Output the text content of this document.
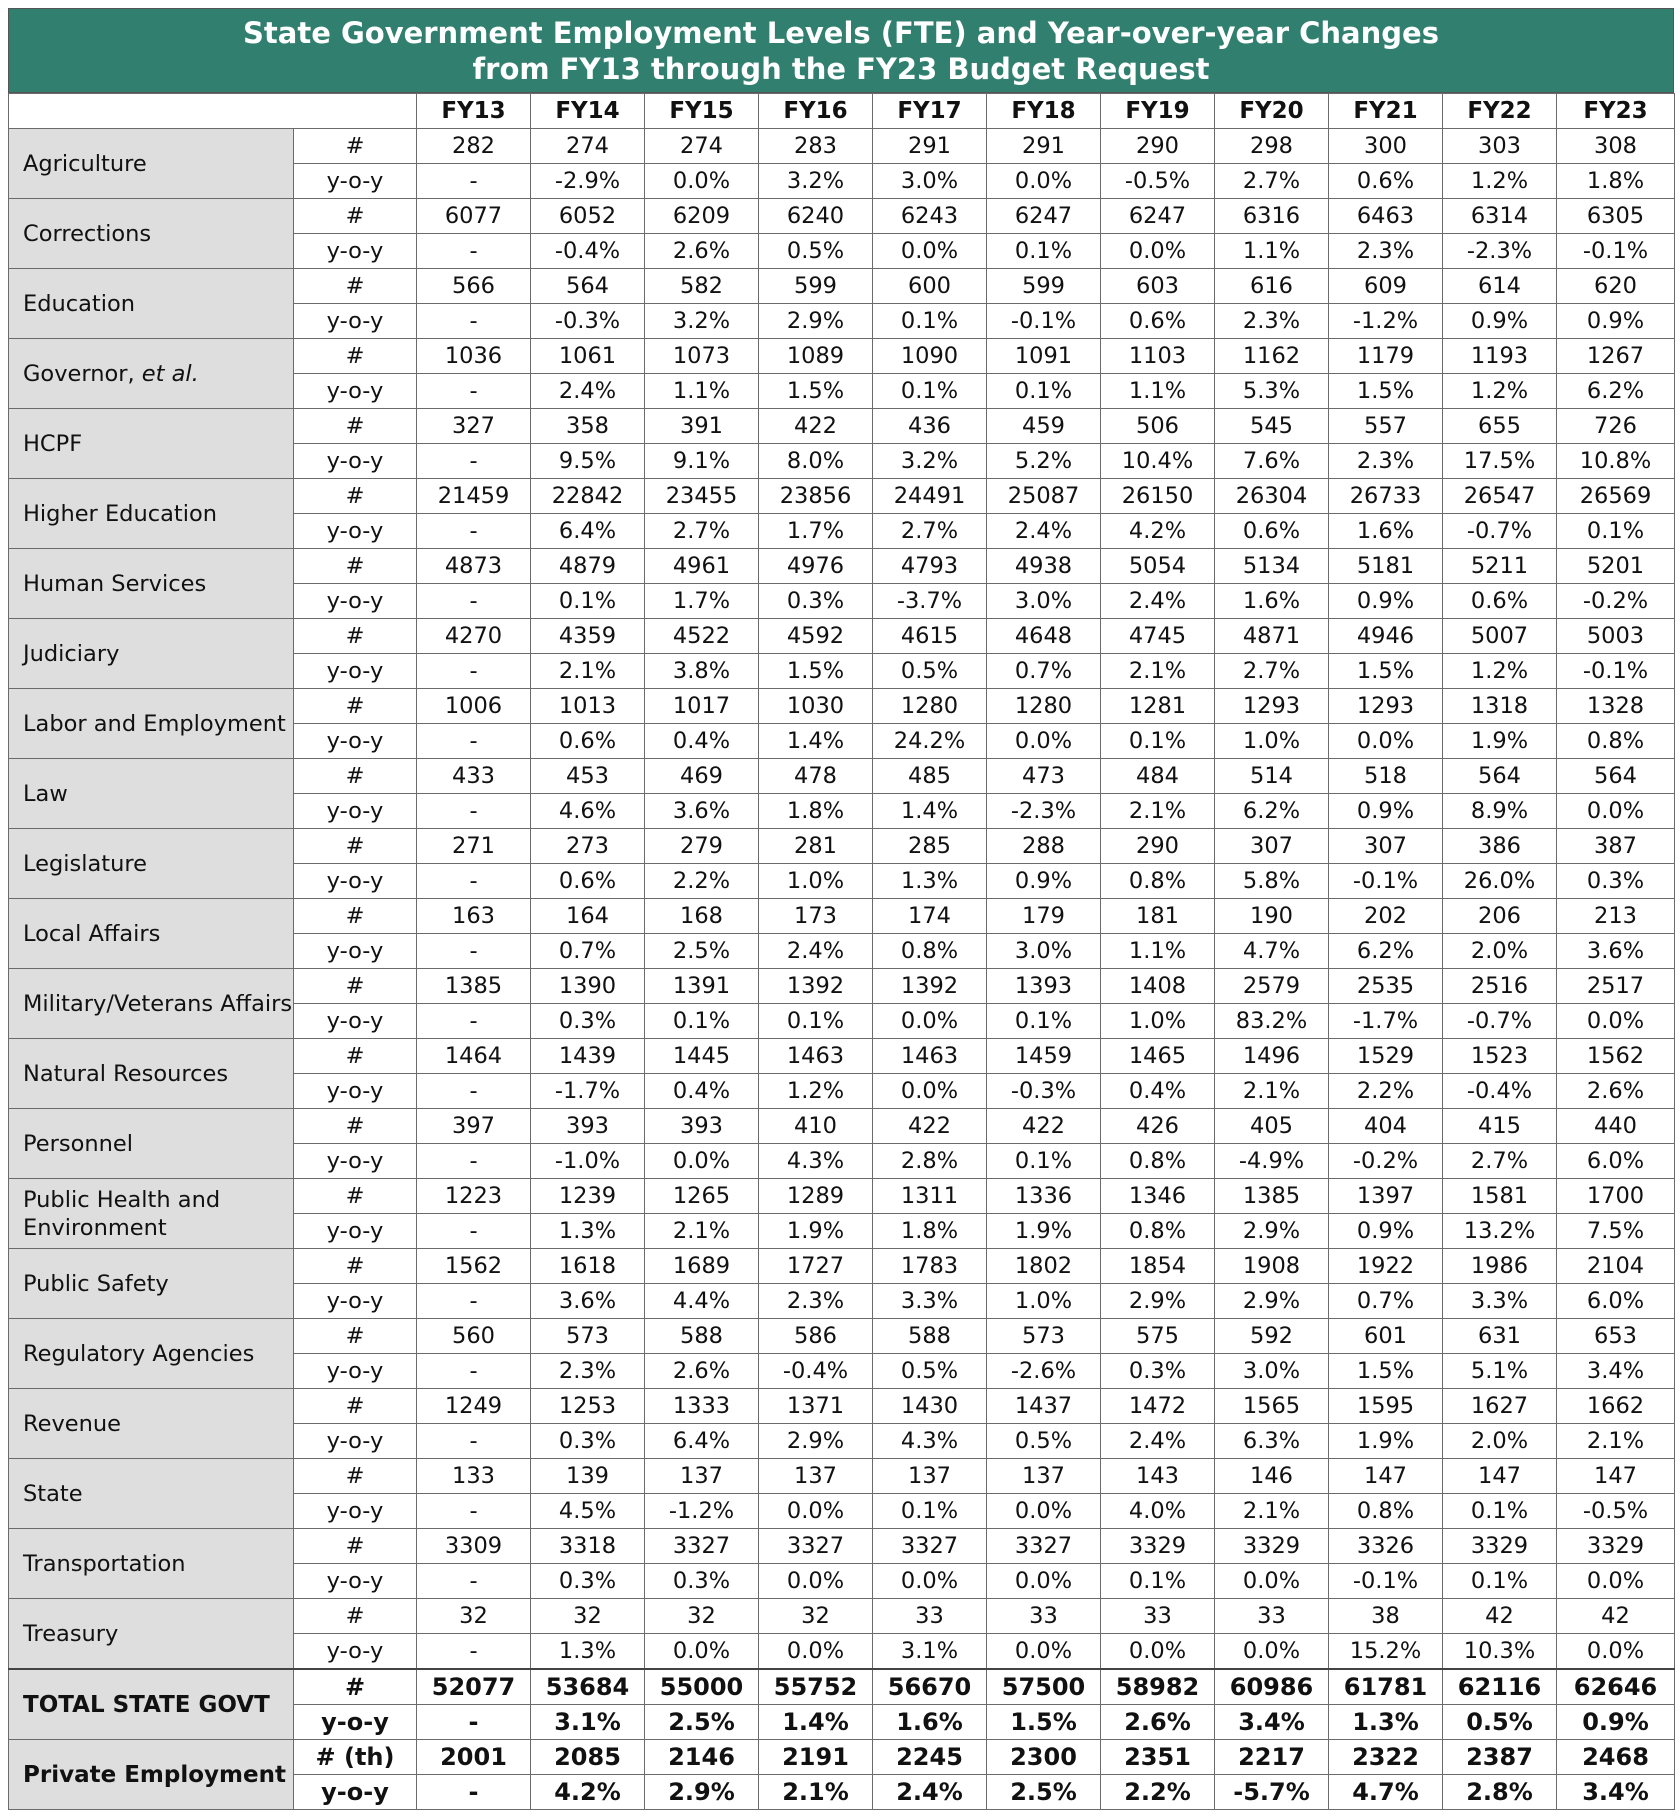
State Government Employment Levels (FTE) and Year-over-year Changes
from FY13 through the FY23 Budget Request
		FY13	FY14	FY15	FY16	FY17	FY18	FY19	FY20	FY21	FY22	FY23
Agriculture	#	282	274	274	283	291	291	290	298	300	303	308
	y-o-y	-	-2.9%	0.0%	3.2%	3.0%	0.0%	-0.5%	2.7%	0.6%	1.2%	1.8%
Corrections	#	6077	6052	6209	6240	6243	6247	6247	6316	6463	6314	6305
	y-o-y	-	-0.4%	2.6%	0.5%	0.0%	0.1%	0.0%	1.1%	2.3%	-2.3%	-0.1%
Education	#	566	564	582	599	600	599	603	616	609	614	620
	y-o-y	-	-0.3%	3.2%	2.9%	0.1%	-0.1%	0.6%	2.3%	-1.2%	0.9%	0.9%
Governor, et al.	#	1036	1061	1073	1089	1090	1091	1103	1162	1179	1193	1267
	y-o-y	-	2.4%	1.1%	1.5%	0.1%	0.1%	1.1%	5.3%	1.5%	1.2%	6.2%
HCPF	#	327	358	391	422	436	459	506	545	557	655	726
	y-o-y	-	9.5%	9.1%	8.0%	3.2%	5.2%	10.4%	7.6%	2.3%	17.5%	10.8%
Higher Education	#	21459	22842	23455	23856	24491	25087	26150	26304	26733	26547	26569
	y-o-y	-	6.4%	2.7%	1.7%	2.7%	2.4%	4.2%	0.6%	1.6%	-0.7%	0.1%
Human Services	#	4873	4879	4961	4976	4793	4938	5054	5134	5181	5211	5201
	y-o-y	-	0.1%	1.7%	0.3%	-3.7%	3.0%	2.4%	1.6%	0.9%	0.6%	-0.2%
Judiciary	#	4270	4359	4522	4592	4615	4648	4745	4871	4946	5007	5003
	y-o-y	-	2.1%	3.8%	1.5%	0.5%	0.7%	2.1%	2.7%	1.5%	1.2%	-0.1%
Labor and Employment	#	1006	1013	1017	1030	1280	1280	1281	1293	1293	1318	1328
	y-o-y	-	0.6%	0.4%	1.4%	24.2%	0.0%	0.1%	1.0%	0.0%	1.9%	0.8%
Law	#	433	453	469	478	485	473	484	514	518	564	564
	y-o-y	-	4.6%	3.6%	1.8%	1.4%	-2.3%	2.1%	6.2%	0.9%	8.9%	0.0%
Legislature	#	271	273	279	281	285	288	290	307	307	386	387
	y-o-y	-	0.6%	2.2%	1.0%	1.3%	0.9%	0.8%	5.8%	-0.1%	26.0%	0.3%
Local Affairs	#	163	164	168	173	174	179	181	190	202	206	213
	y-o-y	-	0.7%	2.5%	2.4%	0.8%	3.0%	1.1%	4.7%	6.2%	2.0%	3.6%
Military/Veterans Affairs	#	1385	1390	1391	1392	1392	1393	1408	2579	2535	2516	2517
	y-o-y	-	0.3%	0.1%	0.1%	0.0%	0.1%	1.0%	83.2%	-1.7%	-0.7%	0.0%
Natural Resources	#	1464	1439	1445	1463	1463	1459	1465	1496	1529	1523	1562
	y-o-y	-	-1.7%	0.4%	1.2%	0.0%	-0.3%	0.4%	2.1%	2.2%	-0.4%	2.6%
Personnel	#	397	393	393	410	422	422	426	405	404	415	440
	y-o-y	-	-1.0%	0.0%	4.3%	2.8%	0.1%	0.8%	-4.9%	-0.2%	2.7%	6.0%
Public Health and Environment	#	1223	1239	1265	1289	1311	1336	1346	1385	1397	1581	1700
	y-o-y	-	1.3%	2.1%	1.9%	1.8%	1.9%	0.8%	2.9%	0.9%	13.2%	7.5%
Public Safety	#	1562	1618	1689	1727	1783	1802	1854	1908	1922	1986	2104
	y-o-y	-	3.6%	4.4%	2.3%	3.3%	1.0%	2.9%	2.9%	0.7%	3.3%	6.0%
Regulatory Agencies	#	560	573	588	586	588	573	575	592	601	631	653
	y-o-y	-	2.3%	2.6%	-0.4%	0.5%	-2.6%	0.3%	3.0%	1.5%	5.1%	3.4%
Revenue	#	1249	1253	1333	1371	1430	1437	1472	1565	1595	1627	1662
	y-o-y	-	0.3%	6.4%	2.9%	4.3%	0.5%	2.4%	6.3%	1.9%	2.0%	2.1%
State	#	133	139	137	137	137	137	143	146	147	147	147
	y-o-y	-	4.5%	-1.2%	0.0%	0.1%	0.0%	4.0%	2.1%	0.8%	0.1%	-0.5%
Transportation	#	3309	3318	3327	3327	3327	3327	3329	3329	3326	3329	3329
	y-o-y	-	0.3%	0.3%	0.0%	0.0%	0.0%	0.1%	0.0%	-0.1%	0.1%	0.0%
Treasury	#	32	32	32	32	33	33	33	33	38	42	42
	y-o-y	-	1.3%	0.0%	0.0%	3.1%	0.0%	0.0%	0.0%	15.2%	10.3%	0.0%
TOTAL STATE GOVT	#	52077	53684	55000	55752	56670	57500	58982	60986	61781	62116	62646
	y-o-y	-	3.1%	2.5%	1.4%	1.6%	1.5%	2.6%	3.4%	1.3%	0.5%	0.9%
Private Employment	# (th)	2001	2085	2146	2191	2245	2300	2351	2217	2322	2387	2468
	y-o-y	-	4.2%	2.9%	2.1%	2.4%	2.5%	2.2%	-5.7%	4.7%	2.8%	3.4%
